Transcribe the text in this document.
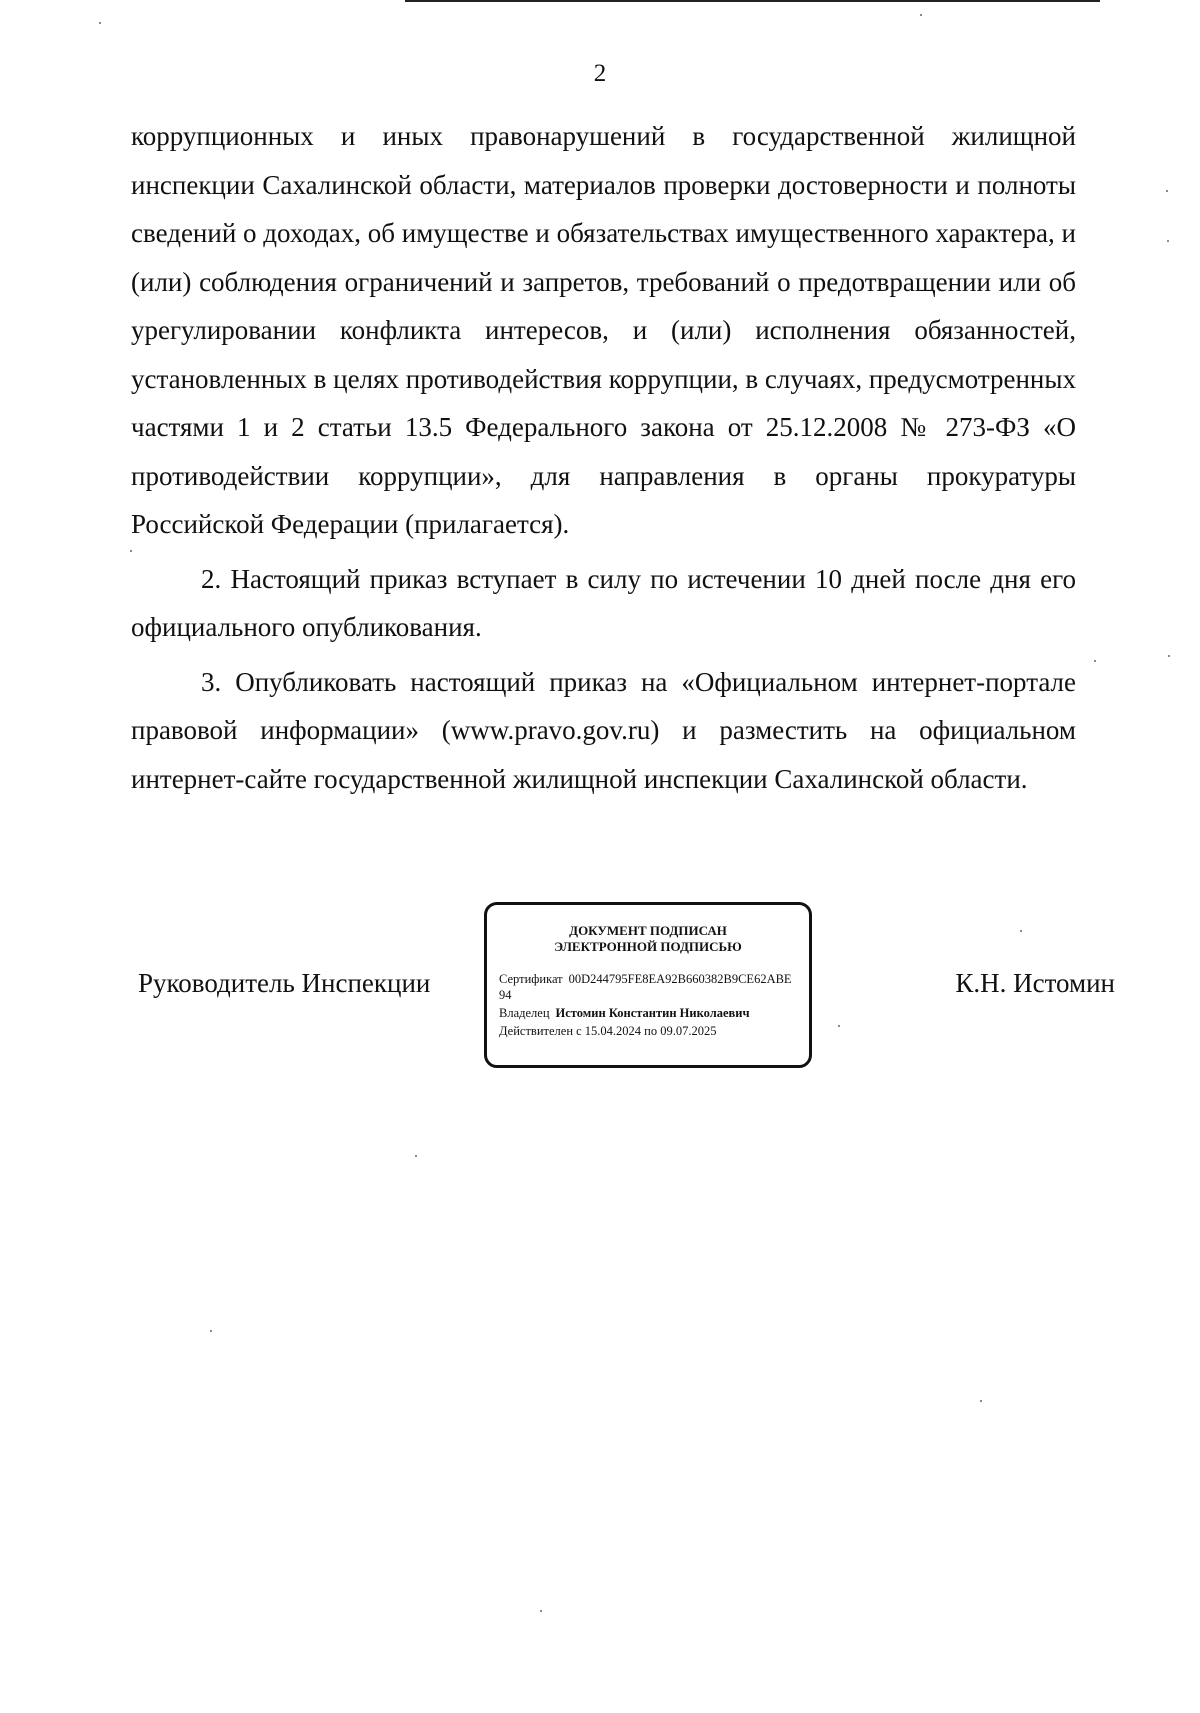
2

коррупционных и иных правонарушений в государственной жилищной инспекции Сахалинской области, материалов проверки достоверности и полноты сведений о доходах, об имуществе и обязательствах имущественного характера, и (или) соблюдения ограничений и запретов, требований о предотвращении или об урегулировании конфликта интересов, и (или) исполнения обязанностей, установленных в целях противодействия коррупции, в случаях, предусмотренных частями 1 и 2 статьи 13.5 Федерального закона от 25.12.2008 № 273-ФЗ «О противодействии коррупции», для направления в органы прокуратуры Российской Федерации (прилагается).

2. Настоящий приказ вступает в силу по истечении 10 дней после дня его официального опубликования.

3. Опубликовать настоящий приказ на «Официальном интернет-портале правовой информации» (www.pravo.gov.ru) и разместить на официальном интернет-сайте государственной жилищной инспекции Сахалинской области.

Руководитель Инспекции
ДОКУМЕНТ ПОДПИСАН
ЭЛЕКТРОННОЙ ПОДПИСЬЮ
Сертификат 00D244795FE8EA92B660382B9CE62ABE94
Владелец Истомин Константин Николаевич
Действителен с 15.04.2024 по 09.07.2025
К.Н. Истомин
